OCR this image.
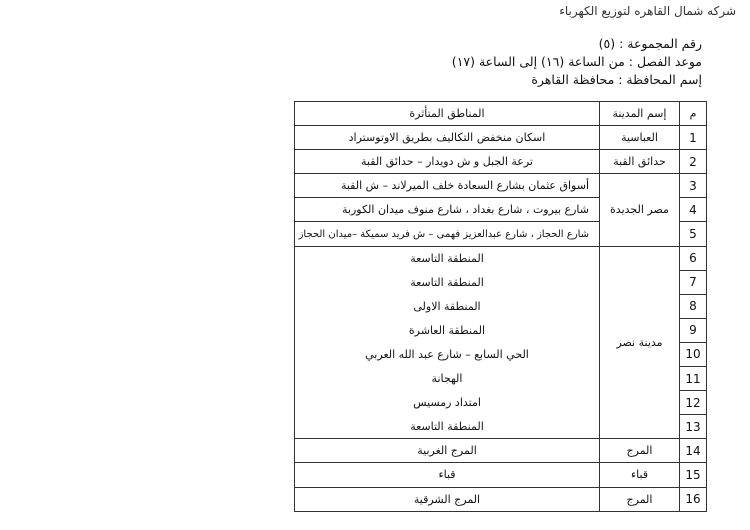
شركه شمال القاهره لتوزيع الكهرباء
رقم المجموعة : (٥)
موعد الفصل : من الساعة (١٦) إلى الساعة (١٧)
إسم المحافظة : محافظة القاهرة
م	إسم المدينة	المناطق المتأثرة
1	العباسية	اسكان منخفض التكاليف بطريق الاوتوستراد
2	حدائق القبة	ترعة الجبل و ش دويدار – حدائق القبة
3	مصر الجديدة	أسواق عثمان بشارع السعادة خلف الميرلاند – ش القبة
4		شارع بيروت ، شارع بغداد ، شارع منوف ميدان الكوربة
5		شارع الحجاز ، شارع عبدالعزيز فهمى – ش فريد سميكة –ميدان الحجاز
6	مدينة نصر	المنطقة التاسعة
7		المنطقة التاسعة
8		المنطقة الاولى
9		المنطقة العاشرة
10		الحي السابع – شارع عبد الله العربي
11		الهجانة
12		امتداد رمسيس
13		المنطقة التاسعة
14	المرج	المرج الغربية
15	قباء	قباء
16	المرج	المرج الشرقية
